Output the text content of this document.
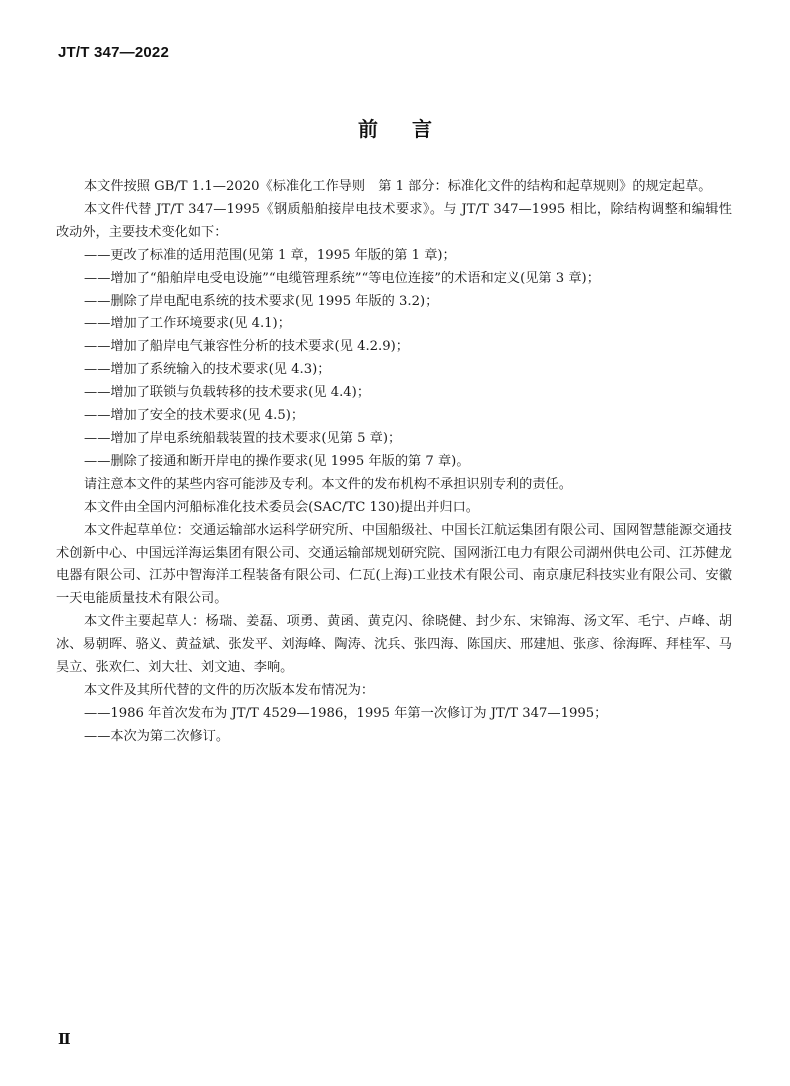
JT/T 347—2022
前言

本文件按照 GB/T 1.1—2020《标准化工作导则　第 1 部分：标准化文件的结构和起草规则》的规定起草。

本文件代替 JT/T 347—1995《钢质船舶接岸电技术要求》。与 JT/T 347—1995 相比，除结构调整和编辑性改动外，主要技术变化如下：

——更改了标准的适用范围(见第 1 章，1995 年版的第 1 章)；

——增加了“船舶岸电受电设施”“电缆管理系统”“等电位连接”的术语和定义(见第 3 章)；

——删除了岸电配电系统的技术要求(见 1995 年版的 3.2)；

——增加了工作环境要求(见 4.1)；

——增加了船岸电气兼容性分析的技术要求(见 4.2.9)；

——增加了系统输入的技术要求(见 4.3)；

——增加了联锁与负载转移的技术要求(见 4.4)；

——增加了安全的技术要求(见 4.5)；

——增加了岸电系统船载装置的技术要求(见第 5 章)；

——删除了接通和断开岸电的操作要求(见 1995 年版的第 7 章)。

请注意本文件的某些内容可能涉及专利。本文件的发布机构不承担识别专利的责任。

本文件由全国内河船标准化技术委员会(SAC/TC 130)提出并归口。

本文件起草单位：交通运输部水运科学研究所、中国船级社、中国长江航运集团有限公司、国网智慧能源交通技术创新中心、中国远洋海运集团有限公司、交通运输部规划研究院、国网浙江电力有限公司湖州供电公司、江苏健龙电器有限公司、江苏中智海洋工程装备有限公司、仁瓦(上海)工业技术有限公司、南京康尼科技实业有限公司、安徽一天电能质量技术有限公司。

本文件主要起草人：杨瑞、姜磊、项勇、黄函、黄克闪、徐晓健、封少东、宋锦海、汤文军、毛宁、卢峰、胡冰、易朝晖、骆义、黄益斌、张发平、刘海峰、陶涛、沈兵、张四海、陈国庆、邢建旭、张彦、徐海晖、拜桂军、马昊立、张欢仁、刘大壮、刘文迪、李响。

本文件及其所代替的文件的历次版本发布情况为：

——1986 年首次发布为 JT/T 4529—1986，1995 年第一次修订为 JT/T 347—1995；

——本次为第二次修订。

Ⅱ
